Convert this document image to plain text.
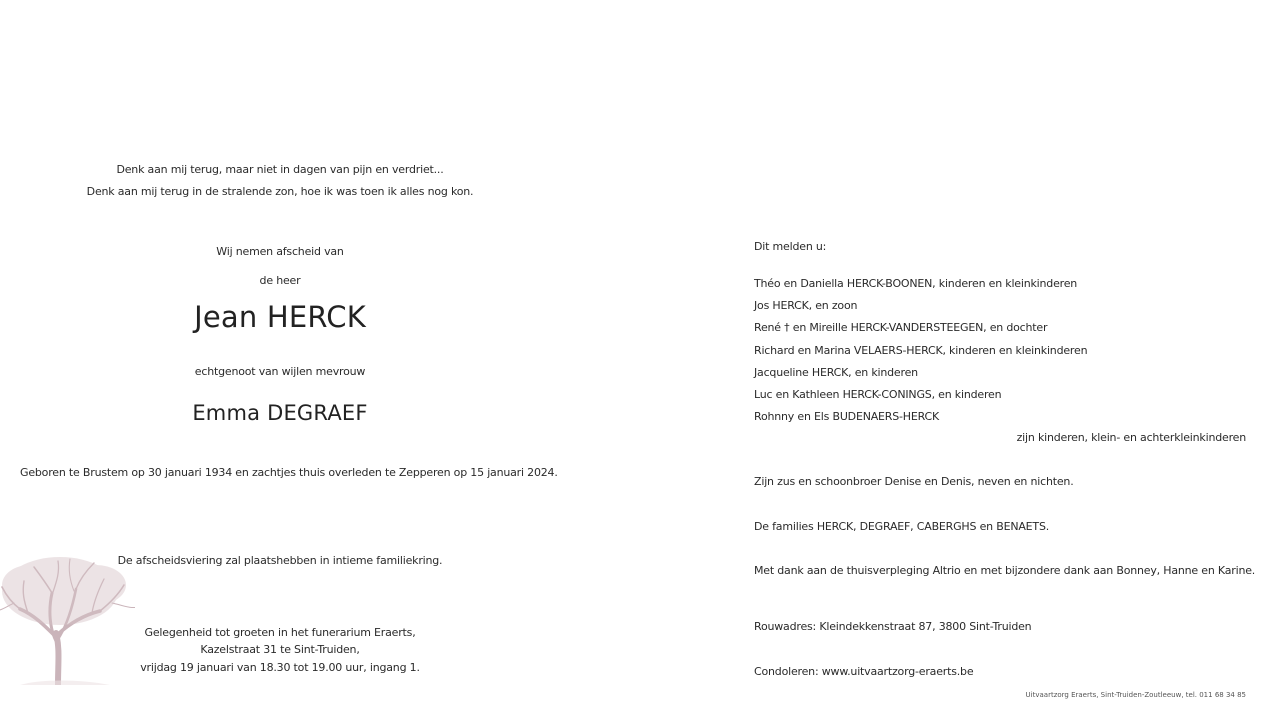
Denk aan mij terug, maar niet in dagen van pijn en verdriet...
Denk aan mij terug in de stralende zon, hoe ik was toen ik alles nog kon.
Wij nemen afscheid van
de heer
Jean HERCK
echtgenoot van wijlen mevrouw
Emma DEGRAEF
Geboren te Brustem op 30 januari 1934 en zachtjes thuis overleden te Zepperen op 15 januari 2024.
De afscheidsviering zal plaatshebben in intieme familiekring.
Gelegenheid tot groeten in het funerarium Eraerts,
Kazelstraat 31 te Sint-Truiden,
vrijdag 19 januari van 18.30 tot 19.00 uur, ingang 1.
Dit melden u:
Théo en Daniella HERCK-BOONEN, kinderen en kleinkinderen
Jos HERCK, en zoon
René † en Mireille HERCK-VANDERSTEEGEN, en dochter
Richard en Marina VELAERS-HERCK, kinderen en kleinkinderen
Jacqueline HERCK, en kinderen
Luc en Kathleen HERCK-CONINGS, en kinderen
Rohnny en Els BUDENAERS-HERCK
zijn kinderen, klein- en achterkleinkinderen
Zijn zus en schoonbroer Denise en Denis, neven en nichten.
De families HERCK, DEGRAEF, CABERGHS en BENAETS.
Met dank aan de thuisverpleging Altrio en met bijzondere dank aan Bonney, Hanne en Karine.
Rouwadres: Kleindekkenstraat 87, 3800 Sint-Truiden
Condoleren: www.uitvaartzorg-eraerts.be
Uitvaartzorg Eraerts, Sint-Truiden-Zoutleeuw, tel. 011 68 34 85
